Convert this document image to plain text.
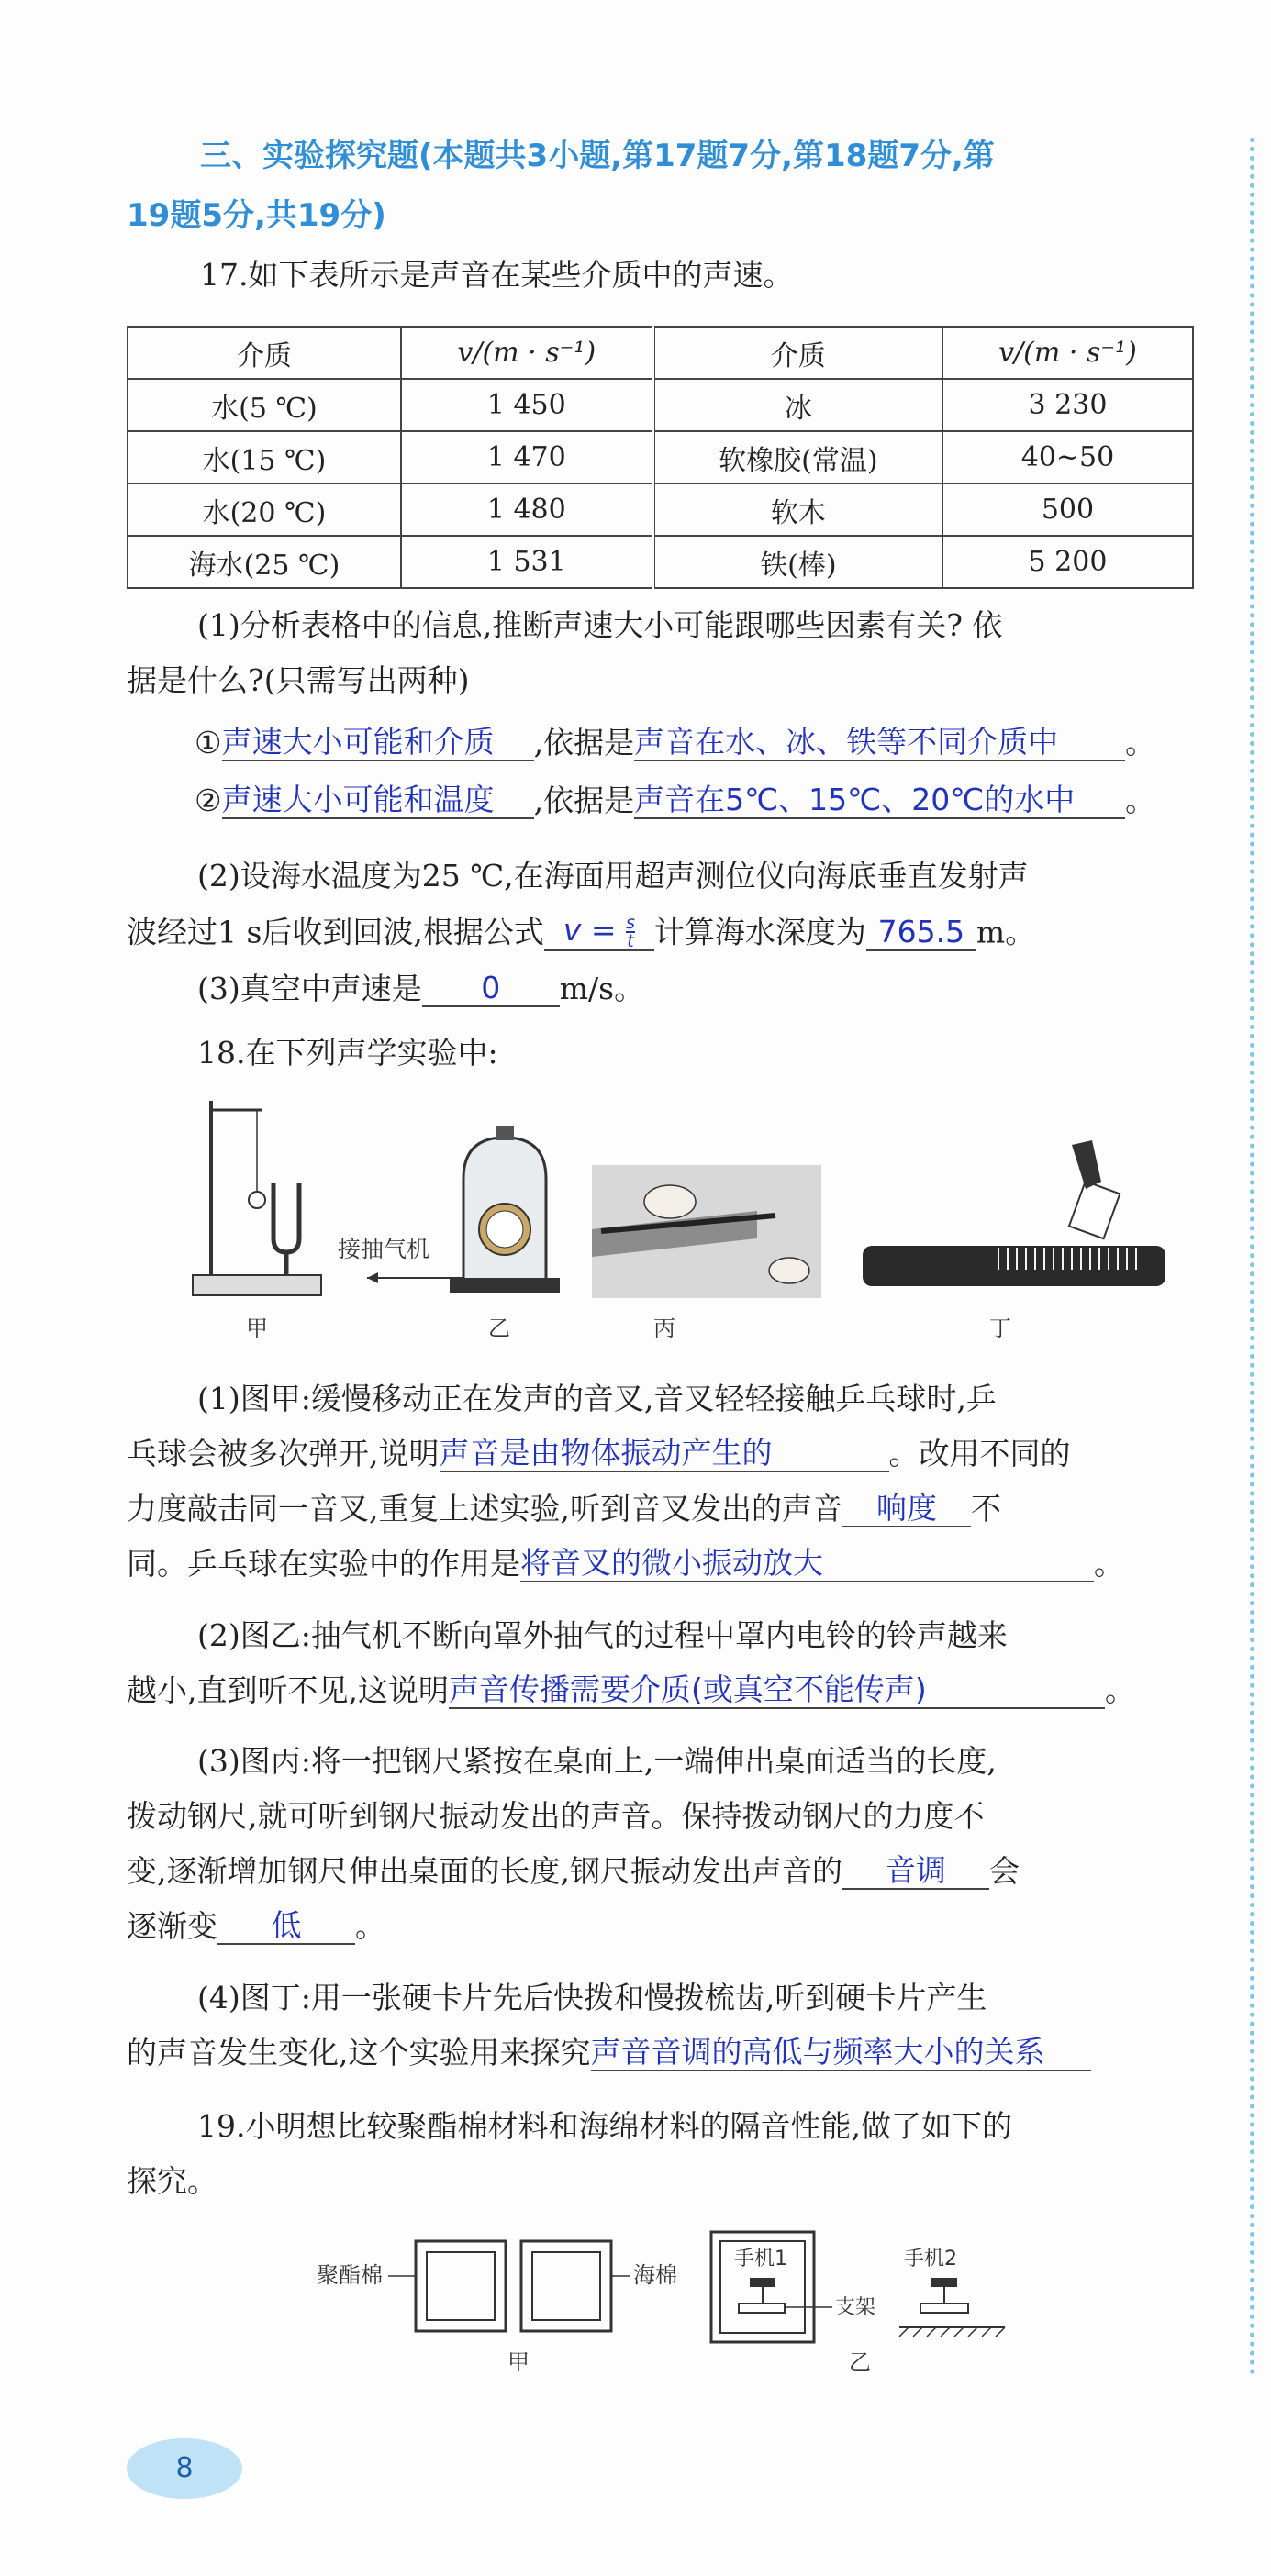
三、实验探究题(本题共3小题,第17题7分,第18题7分,第
19题5分,共19分)
17.如下表所示是声音在某些介质中的声速。
介质	v/(m · s⁻¹)	介质	v/(m · s⁻¹)
水(5 ℃)	1 450	冰	3 230
水(15 ℃)	1 470	软橡胶(常温)	40~50
水(20 ℃)	1 480	软木	500
海水(25 ℃)	1 531	铁(棒)	5 200
(1)分析表格中的信息,推断声速大小可能跟哪些因素有关? 依
据是什么?(只需写出两种)
①声速大小可能和介质 ,依据是声音在水、冰、铁等不同介质中 。
②声速大小可能和温度 ,依据是声音在5℃、15℃、20℃的水中 。
(2)设海水温度为25 ℃,在海面用超声测位仪向海底垂直发射声
波经过1 s后收到回波,根据公式 $v = \frac{s}{t}$ 计算海水深度为 765.5 m。
(3)真空中声速是 0 m/s。
18.在下列声学实验中:
甲
接抽气机
乙	丙	丁
(1)图甲:缓慢移动正在发声的音叉,音叉轻轻接触乒乓球时,乒
乓球会被多次弹开,说明声音是由物体振动产生的	。改用不同的
力度敲击同一音叉,重复上述实验,听到音叉发出的声音 响度 不
同。乒乓球在实验中的作用是将音叉的微小振动放大	。
(2)图乙:抽气机不断向罩外抽气的过程中罩内电铃的铃声越来
越小,直到听不见,这说明声音传播需要介质(或真空不能传声)	。
(3)图丙:将一把钢尺紧按在桌面上,一端伸出桌面适当的长度,
拨动钢尺,就可听到钢尺振动发出的声音。保持拨动钢尺的力度不
变,逐渐增加钢尺伸出桌面的长度,钢尺振动发出声音的 音调 会
逐渐变 低 。
(4)图丁:用一张硬卡片先后快拨和慢拨梳齿,听到硬卡片产生
的声音发生变化,这个实验用来探究声音音调的高低与频率大小的关系
19.小明想比较聚酯棉材料和海绵材料的隔音性能,做了如下的
探究。
聚酯棉	海棉
甲
手机1
支架
手机2
乙
8
